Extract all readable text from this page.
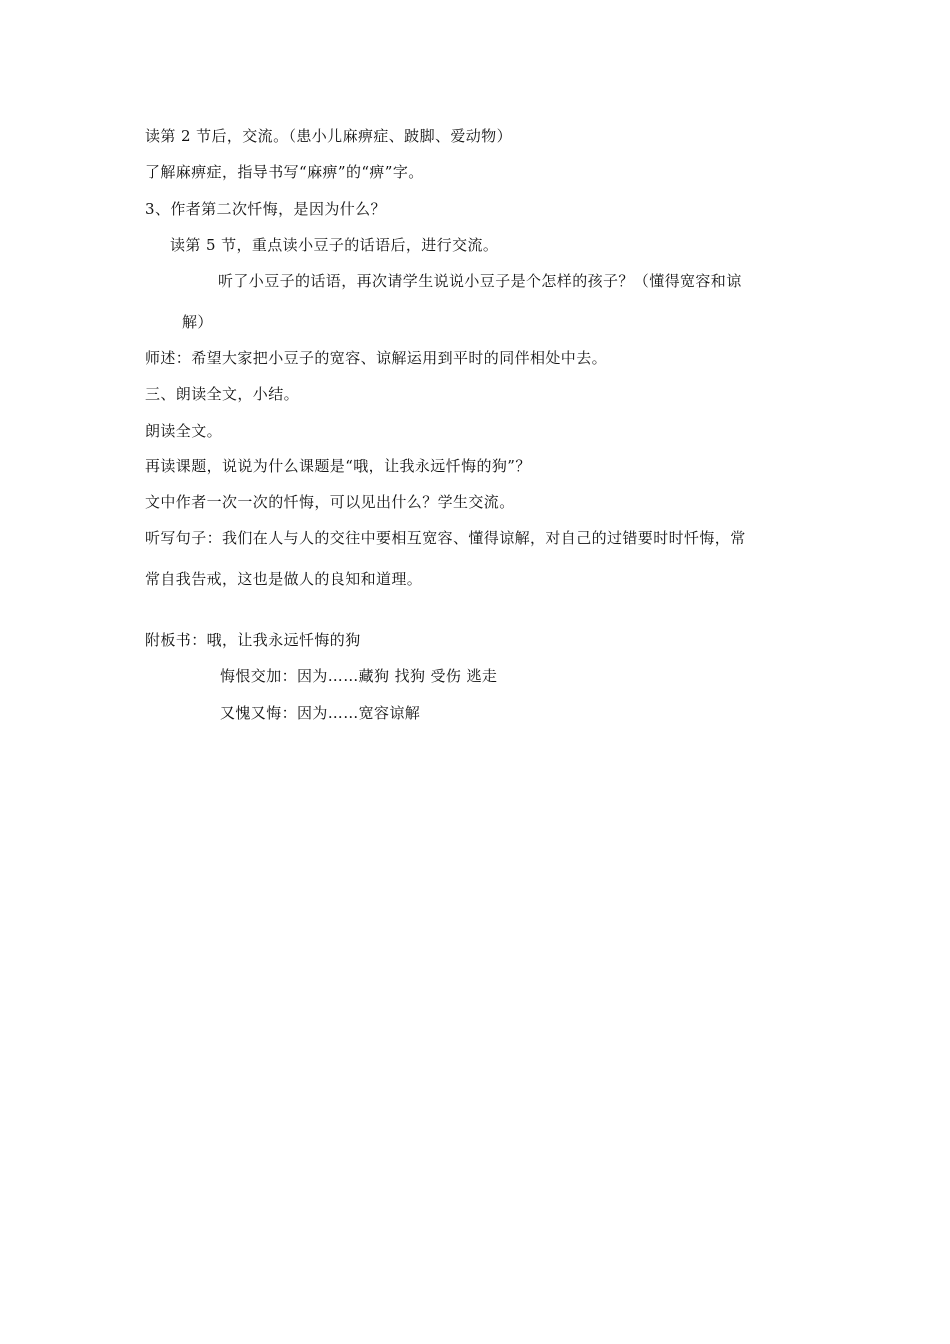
读第 2 节后，交流。（患小儿麻痹症、跛脚、爱动物）
了解麻痹症，指导书写“麻痹”的“痹”字。
3、作者第二次忏悔，是因为什么？
读第 5 节，重点读小豆子的话语后，进行交流。
听了小豆子的话语，再次请学生说说小豆子是个怎样的孩子？（懂得宽容和谅
解）
师述：希望大家把小豆子的宽容、谅解运用到平时的同伴相处中去。
三、朗读全文，小结。
朗读全文。
再读课题，说说为什么课题是“哦，让我永远忏悔的狗”？
文中作者一次一次的忏悔，可以见出什么？学生交流。
听写句子：我们在人与人的交往中要相互宽容、懂得谅解，对自己的过错要时时忏悔，常
常自我告戒，这也是做人的良知和道理。
附板书：哦，让我永远忏悔的狗
悔恨交加：因为……藏狗 找狗 受伤 逃走
又愧又悔：因为……宽容谅解
